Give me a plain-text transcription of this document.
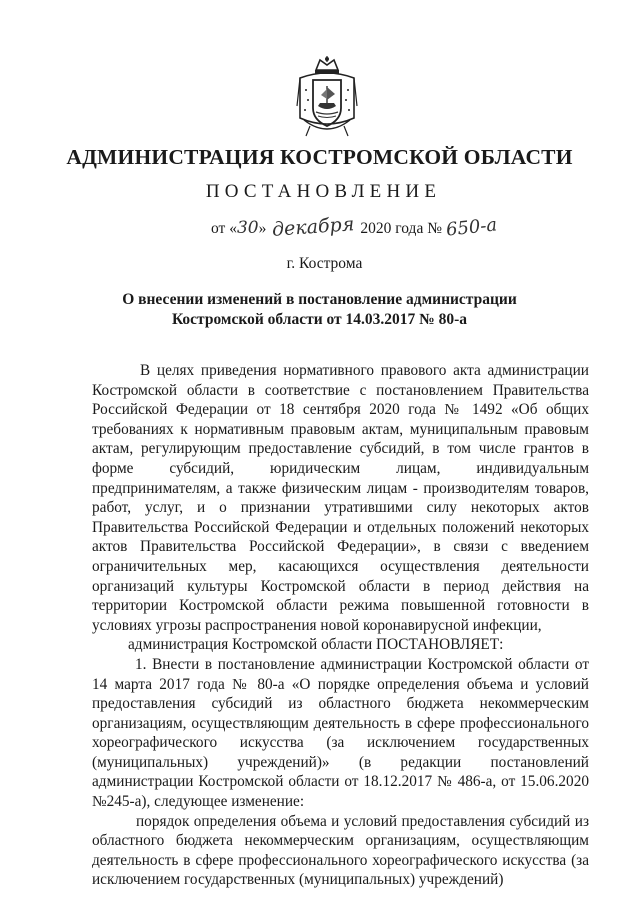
АДМИНИСТРАЦИЯ КОСТРОМСКОЙ ОБЛАСТИ
ПОСТАНОВЛЕНИЕ
от «30» декабря 2020 года № 650-а
г. Кострома
О внесении изменений в постановление администрации
Костромской области от 14.03.2017 № 80-а

В целях приведения нормативного правового акта администрации Костромской области в соответствие с постановлением Правительства Российской Федерации от 18 сентября 2020 года № 1492 «Об общих требованиях к нормативным правовым актам, муниципальным правовым актам, регулирующим предоставление субсидий, в том числе грантов в форме субсидий, юридическим лицам, индивидуальным предпринимателям, а также физическим лицам - производителям товаров, работ, услуг, и о признании утратившими силу некоторых актов Правительства Российской Федерации и отдельных положений некоторых актов Правительства Российской Федерации», в связи с введением ограничительных мер, касающихся осуществления деятельности организаций культуры Костромской области в период действия на территории Костромской области режима повышенной готовности в условиях угрозы распространения новой коронавирусной инфекции,

администрация Костромской области ПОСТАНОВЛЯЕТ:

1. Внести в постановление администрации Костромской области от 14 марта 2017 года № 80-а «О порядке определения объема и условий предоставления субсидий из областного бюджета некоммерческим организациям, осуществляющим деятельность в сфере профессионального хореографического искусства (за исключением государственных (муниципальных) учреждений)» (в редакции постановлений администрации Костромской области от 18.12.2017 № 486-а, от 15.06.2020 №245-а), следующее изменение:

порядок определения объема и условий предоставления субсидий из областного бюджета некоммерческим организациям, осуществляющим деятельность в сфере профессионального хореографического искусства (за исключением государственных (муниципальных) учреждений)
